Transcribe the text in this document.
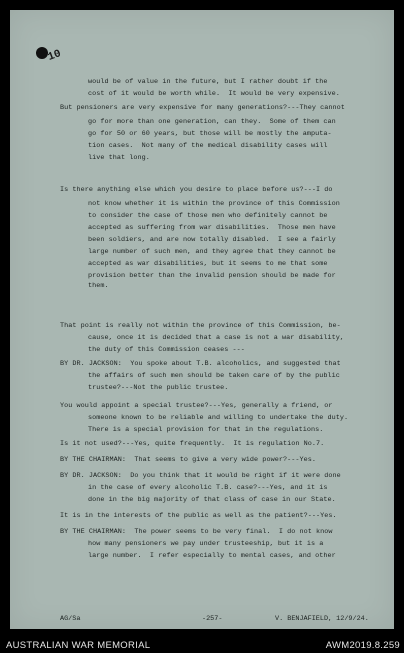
10
would be of value in the future, but I rather doubt if the
cost of it would be worth while.  It would be very expensive.
But pensioners are very expensive for many generations?---They cannot
go for more than one generation, can they.  Some of them can
go for 50 or 60 years, but those will be mostly the amputa-
tion cases.  Not many of the medical disability cases will
live that long.
Is there anything else which you desire to place before us?---I do
not know whether it is within the province of this Commission
to consider the case of those men who definitely cannot be
accepted as suffering from war disabilities.  Those men have
been soldiers, and are now totally disabled.  I see a fairly
large number of such men, and they agree that they cannot be
accepted as war disabilities, but it seems to me that some
provision better than the invalid pension should be made for
them.
That point is really not within the province of this Commission, be-
cause, once it is decided that a case is not a war disability,
the duty of this Commission ceases ---
BY DR. JACKSON:  You spoke about T.B. alcoholics, and suggested that
the affairs of such men should be taken care of by the public
trustee?---Not the public trustee.
You would appoint a special trustee?---Yes, generally a friend, or
someone known to be reliable and willing to undertake the duty.
There is a special provision for that in the regulations.
Is it not used?---Yes, quite frequently.  It is regulation No.7.
BY THE CHAIRMAN:  That seems to give a very wide power?---Yes.
BY DR. JACKSON:  Do you think that it would be right if it were done
in the case of every alcoholic T.B. case?---Yes, and it is
done in the big majority of that class of case in our State.
It is in the interests of the public as well as the patient?---Yes.
BY THE CHAIRMAN:  The power seems to be very final.  I do not know
how many pensioners we pay under trusteeship, but it is a
large number.  I refer especially to mental cases, and other
AG/Sa	-257-	V. BENJAFIELD, 12/9/24.
AUSTRALIAN WAR MEMORIAL	AWM2019.8.259
